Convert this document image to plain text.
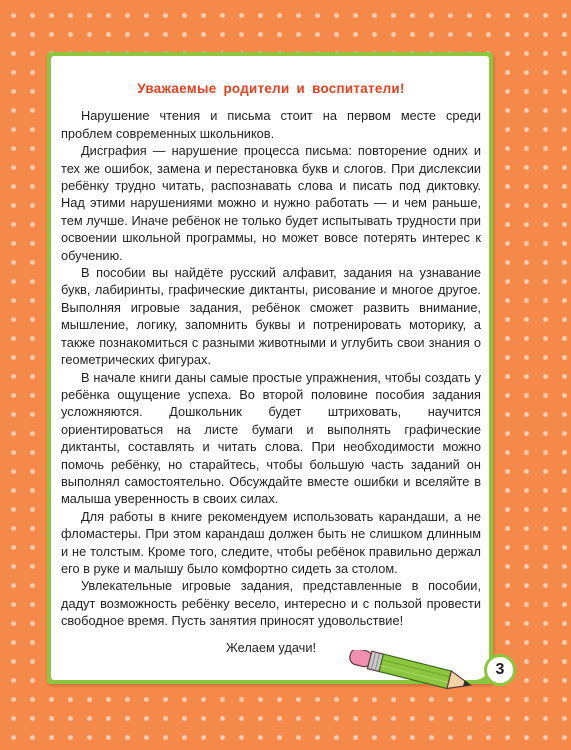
Уважаемые родители и воспитатели!

Нарушение чтения и письма стоит на первом месте среди проблем современных школьников.

Дисграфия — нарушение процесса письма: повторение одних и тех же ошибок, замена и перестановка букв и слогов. При дислексии ребёнку трудно читать, распознавать слова и писать под диктовку. Над этими нарушениями можно и нужно работать — и чем раньше, тем лучше. Иначе ребёнок не только будет испытывать трудности при освоении школьной программы, но может вовсе потерять интерес к обучению.

В пособии вы найдёте русский алфавит, задания на узнавание букв, лабиринты, графические диктанты, рисование и многое другое. Выполняя игровые задания, ребёнок сможет развить внимание, мышление, логику, запомнить буквы и потренировать моторику, а также познакомиться с разными животными и углубить свои знания о геометрических фигурах.

В начале книги даны самые простые упражнения, чтобы создать у ребёнка ощущение успеха. Во второй половине пособия задания усложняются. Дошкольник будет штриховать, научится ориентироваться на листе бумаги и выполнять графические диктанты, составлять и читать слова. При необходимости можно помочь ребёнку, но старайтесь, чтобы большую часть заданий он выполнял самостоятельно. Обсуждайте вместе ошибки и вселяйте в малыша уверенность в своих силах.

Для работы в книге рекомендуем использовать карандаши, а не фломастеры. При этом карандаш должен быть не слишком длинным и не толстым. Кроме того, следите, чтобы ребёнок правильно держал его в руке и малышу было комфортно сидеть за столом.

Увлекательные игровые задания, представленные в пособии, дадут возможность ребёнку весело, интересно и с пользой провести свободное время. Пусть занятия приносят удовольствие!

Желаем удачи!

3
